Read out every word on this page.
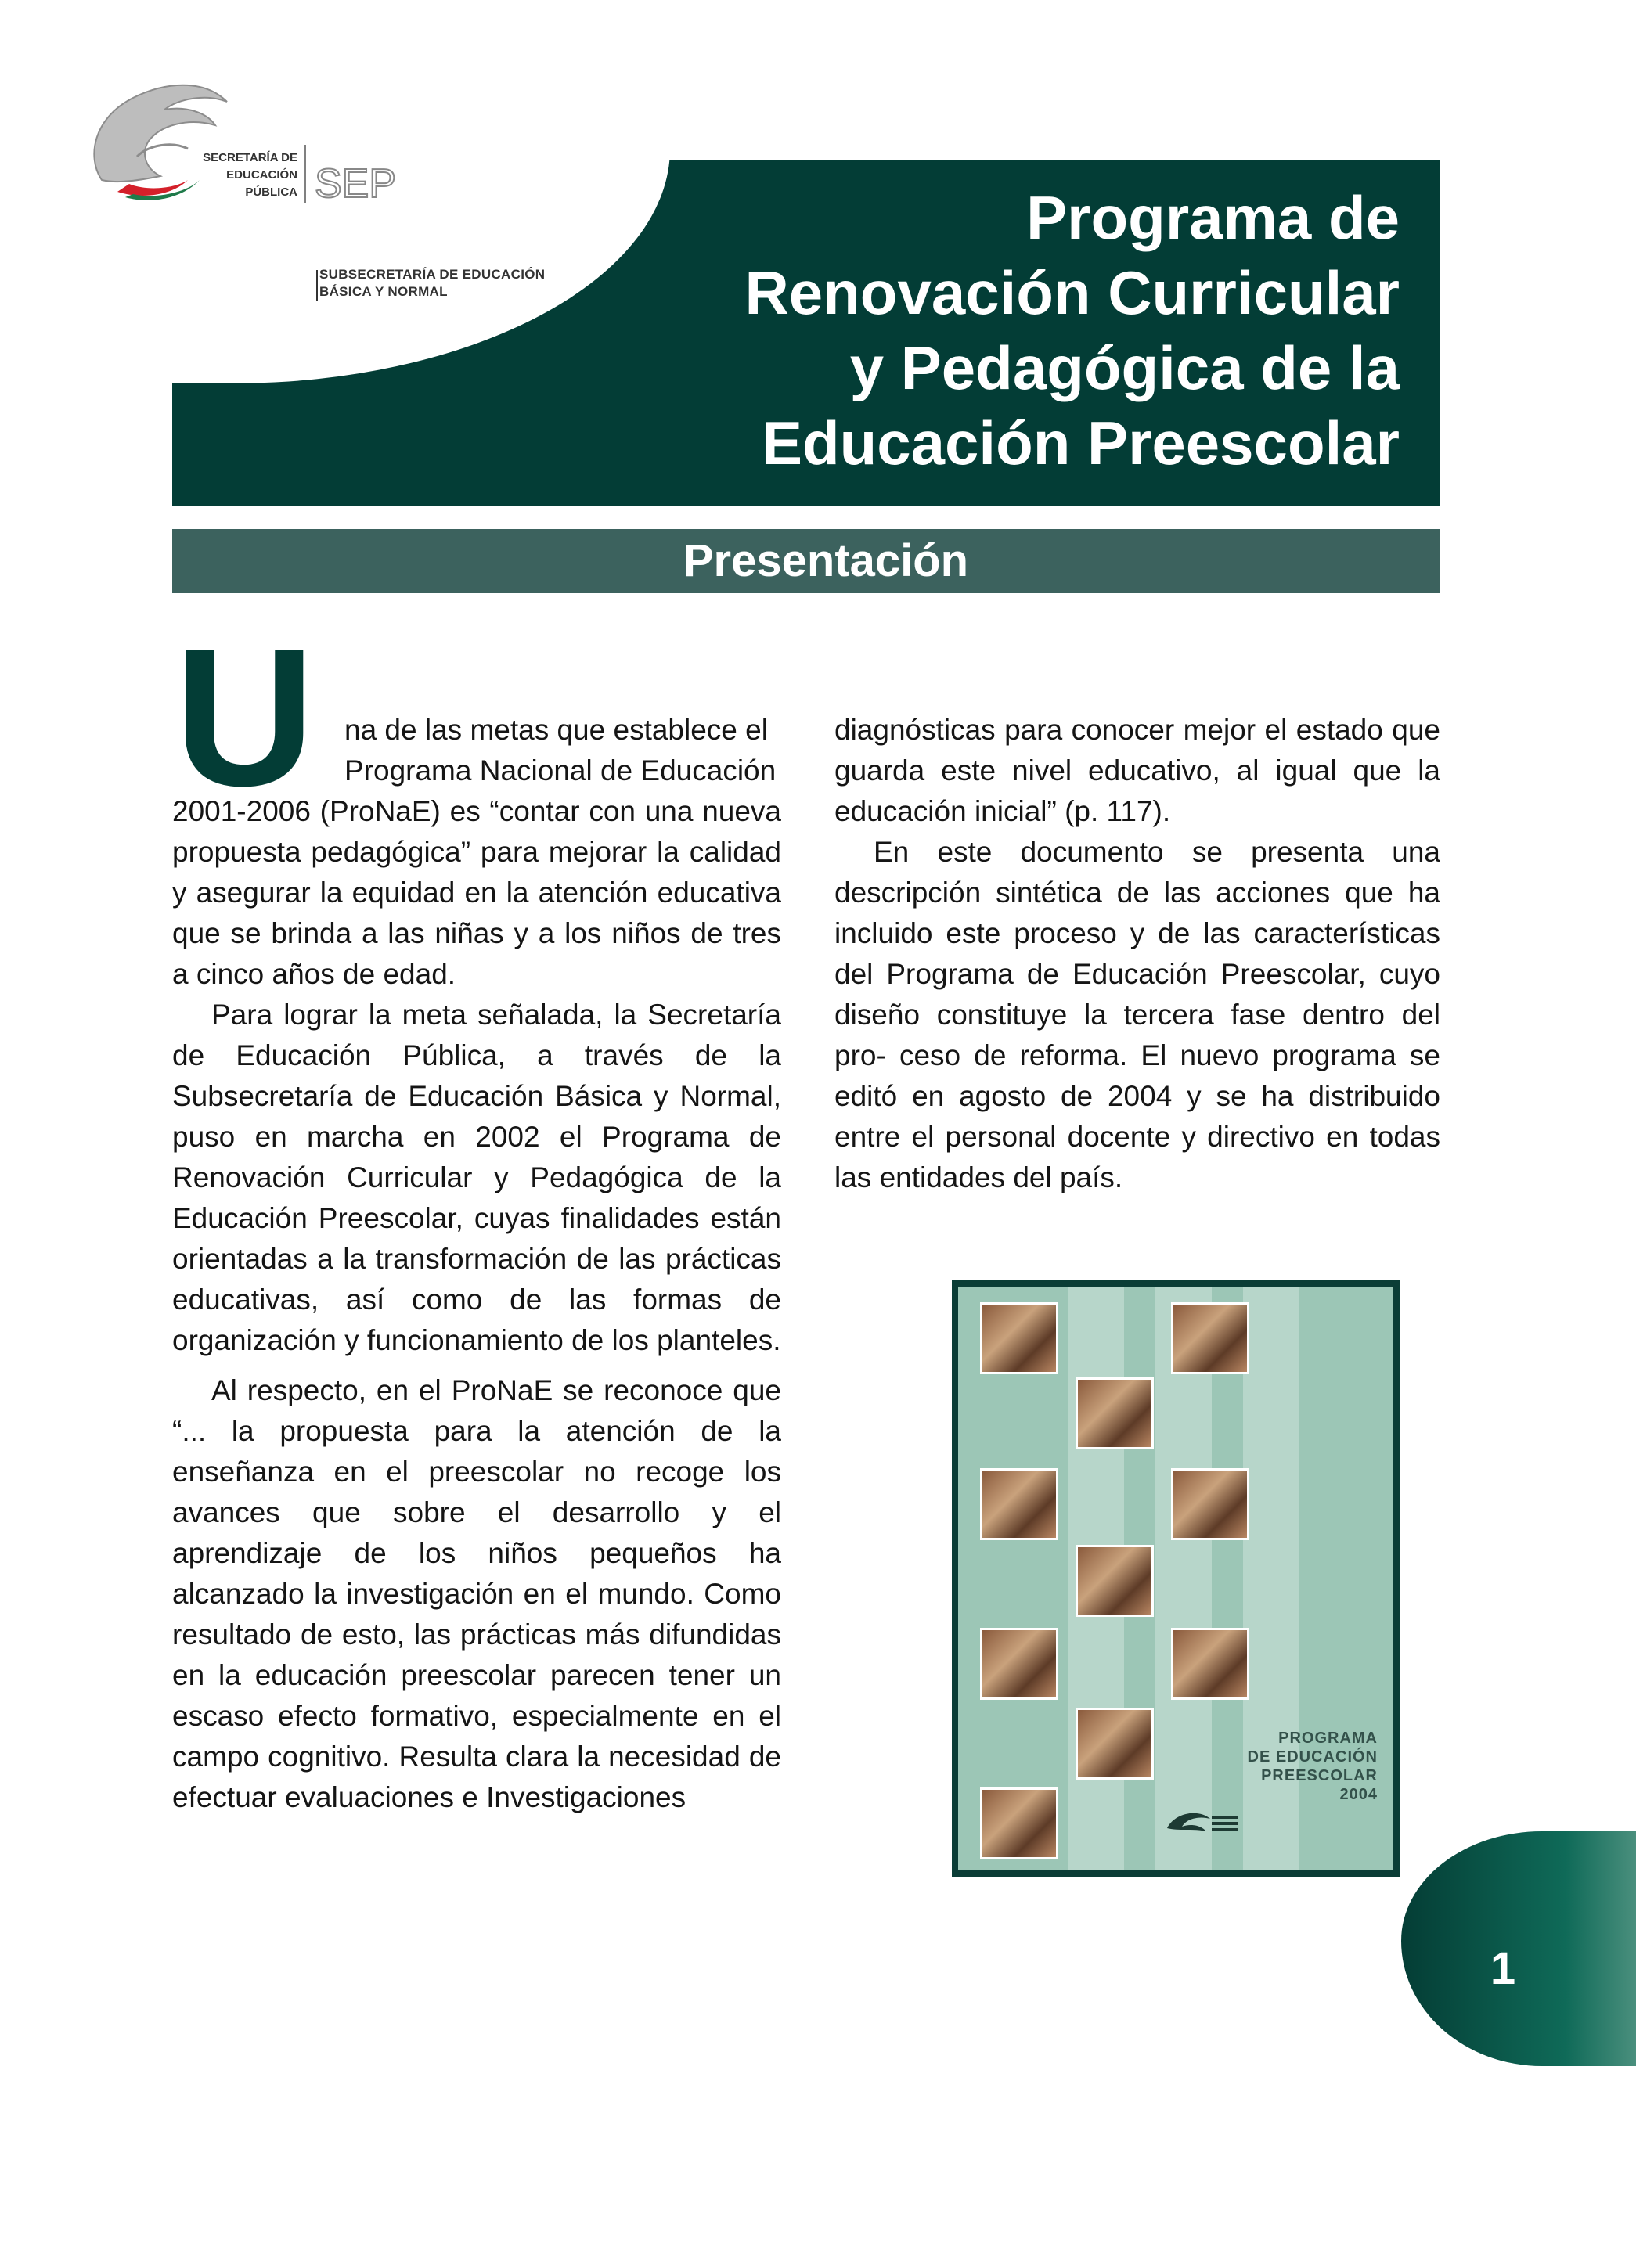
SECRETARÍA DE
EDUCACIÓN
PÚBLICA SEP
SUBSECRETARÍA DE EDUCACIÓN
BÁSICA Y NORMAL
Programa de
Renovación Curricular
y Pedagógica de la
Educación Preescolar
Presentación

U na de las metas que establece el

Programa Nacional de Educación

2001-2006 (ProNaE) es “contar con una nueva propuesta pedagógica” para mejorar la calidad y asegurar la equidad en la atención educativa que se brinda a las niñas y a los niños de tres a cinco años de edad.

Para lograr la meta señalada, la Secretaría de Educación Pública, a través de la Subsecretaría de Educación Básica y Normal, puso en marcha en 2002 el Programa de Renovación Curricular y Pedagógica de la Educación Preescolar, cuyas finalidades están orientadas a la transformación de las prácticas educativas, así como de las formas de organización y funcionamiento de los planteles.

Al respecto, en el ProNaE se reconoce que “... la propuesta para la atención de la enseñanza en el preescolar no recoge los avances que sobre el desarrollo y el aprendizaje de los niños pequeños ha alcanzado la investigación en el mundo. Como resultado de esto, las prácticas más difundidas en la educación preescolar parecen tener un escaso efecto formativo, especialmente en el campo cognitivo. Resulta clara la necesidad de efectuar evaluaciones e Investigaciones

diagnósticas para conocer mejor el estado que guarda este nivel educativo, al igual que la educación inicial” (p. 117).

En este documento se presenta una descripción sintética de las acciones que ha incluido este proceso y de las características del Programa de Educación Preescolar, cuyo diseño constituye la tercera fase dentro del pro- ceso de reforma. El nuevo programa se editó en agosto de 2004 y se ha distribuido entre el personal docente y directivo en todas las entidades del país.

PROGRAMA
DE EDUCACIÓN
PREESCOLAR
2004

1
